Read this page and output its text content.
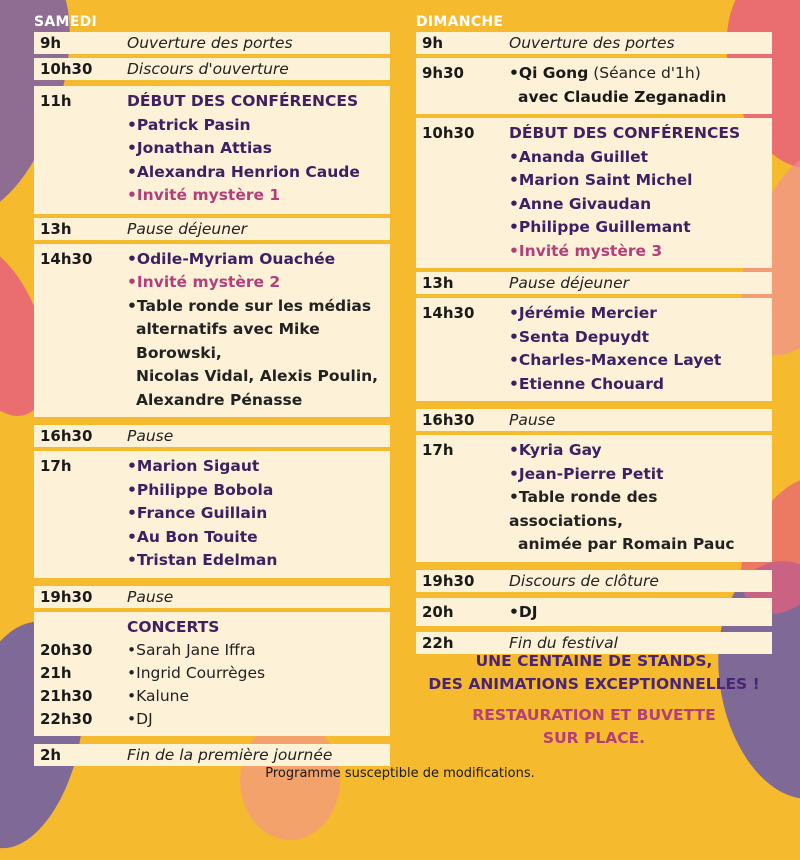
SAMEDI
9h	Ouverture des portes
10h30 Discours d'ouverture
11h	DÉBUT DES CONFÉRENCES
•Patrick Pasin
•Jonathan Attias
•Alexandra Henrion Caude
•Invité mystère 1
13h	Pause déjeuner
14h30 •Odile-Myriam Ouachée
•Invité mystère 2
•Table ronde sur les médias
alternatifs avec Mike Borowski,
Nicolas Vidal, Alexis Poulin,
Alexandre Pénasse
16h30 Pause
17h	•Marion Sigaut
•Philippe Bobola
•France Guillain
•Au Bon Touite
•Tristan Edelman
19h30 Pause
CONCERTS
20h30 •Sarah Jane Iffra
21h	•Ingrid Courrèges
21h30 •Kalune
22h30 •DJ
2h	Fin de la première journée
DIMANCHE
9h	Ouverture des portes
9h30	•Qi Gong (Séance d'1h)
avec Claudie Zeganadin
10h30 DÉBUT DES CONFÉRENCES
•Ananda Guillet
•Marion Saint Michel
•Anne Givaudan
•Philippe Guillemant
•Invité mystère 3
13h	Pause déjeuner
14h30 •Jérémie Mercier
•Senta Depuydt
•Charles-Maxence Layet
•Etienne Chouard
16h30 Pause
17h	•Kyria Gay
•Jean-Pierre Petit
•Table ronde des associations,
animée par Romain Pauc
19h30 Discours de clôture
20h	•DJ
22h	Fin du festival
UNE CENTAINE DE STANDS,
DES ANIMATIONS EXCEPTIONNELLES !
RESTAURATION ET BUVETTE
SUR PLACE.
Programme susceptible de modifications.
